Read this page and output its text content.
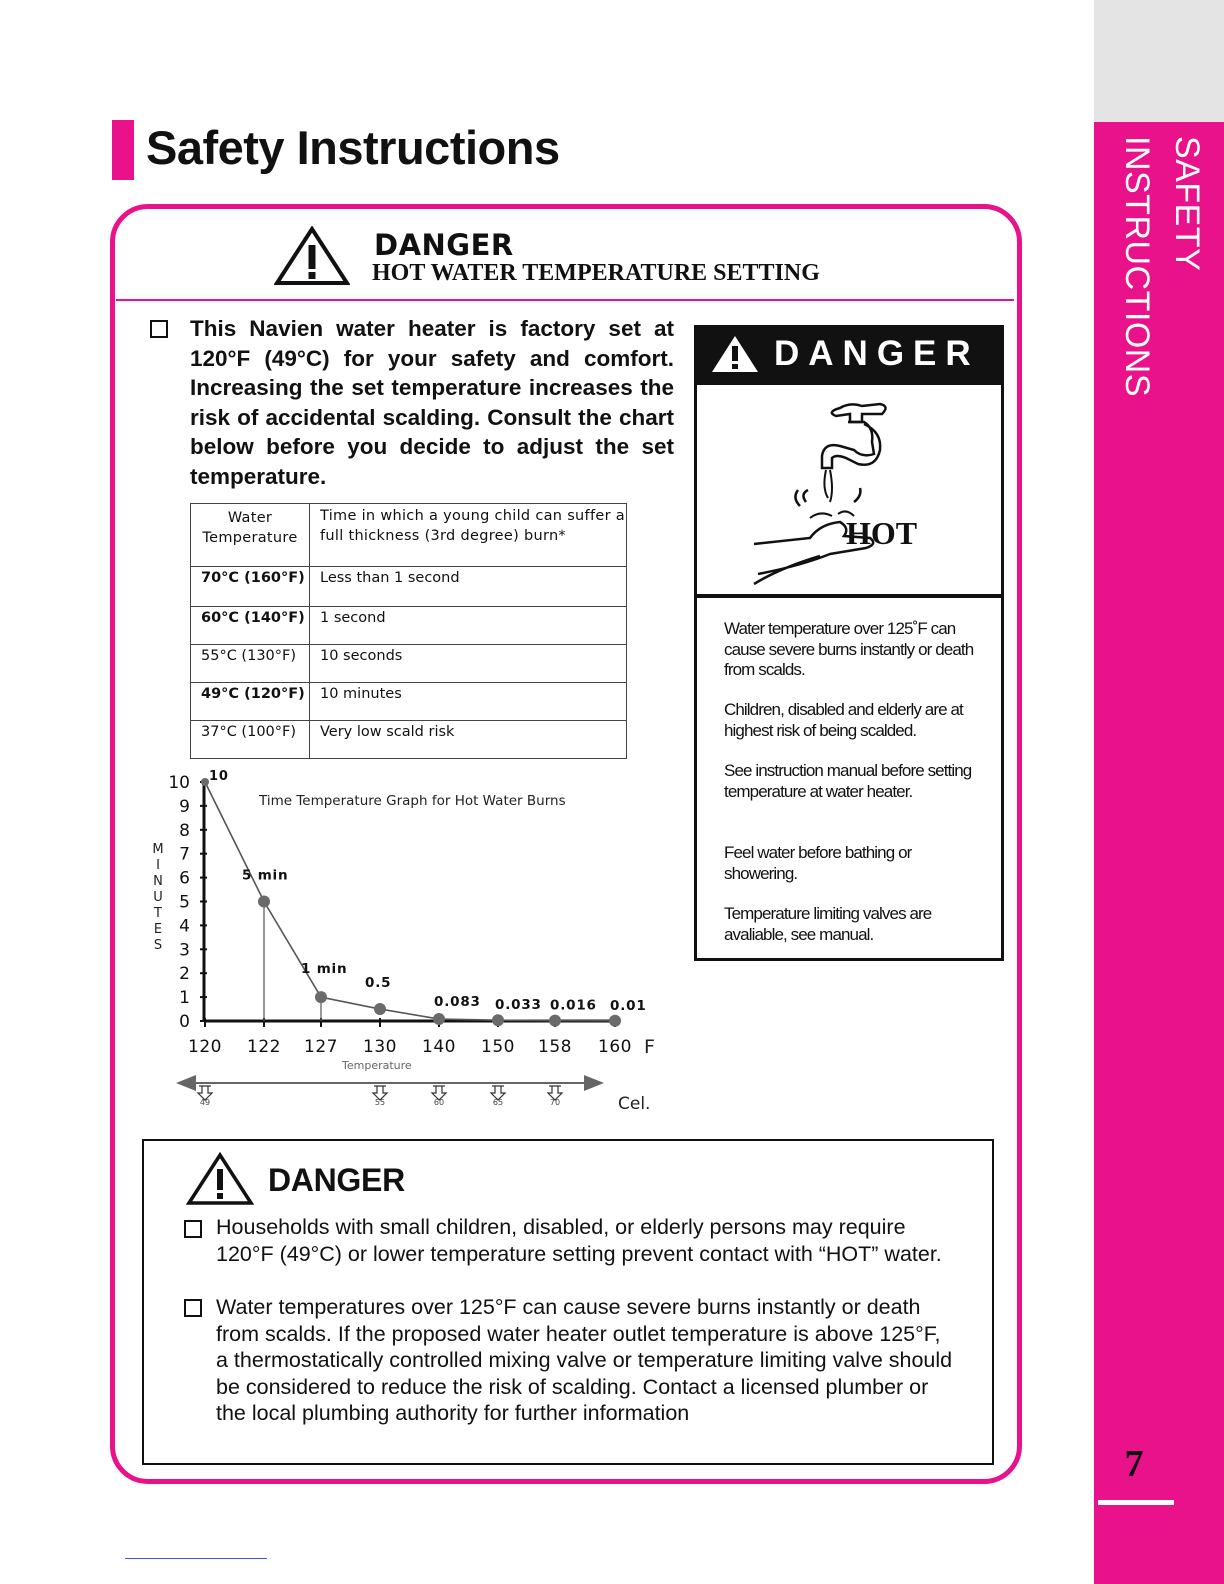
SAFETY INSTRUCTIONS
7
Safety Instructions
DANGER
HOT WATER TEMPERATURE SETTING
This Navien water heater is factory set at 120°F (49°C) for your safety and comfort. Increasing the set temperature increases the risk of accidental scalding. Consult the chart below before you decide to adjust the set temperature.
Water Temperature	Time in which a young child can suffer a full thickness (3rd degree) burn*
70°C (160°F)	Less than 1 second
60°C (140°F)	1 second
55°C (130°F)	10 seconds
49°C (120°F)	10 minutes
37°C (100°F)	Very low scald risk
M
I
N
U
T
E
S
0
1
2
3
4
5
6
7
8
9
10
120 122 127 130 140 150 158 160
10
5 min
1 min
0.5
0.083 0.033 0.016 0.01
Time Temperature Graph for Hot Water Burns
Temperature
F
Cel.
49	55	60	65	70
DANGER
HOT
Water temperature over 125˚F can cause severe burns instantly or death from scalds.
Children, disabled and elderly are at highest risk of being scalded.
See instruction manual before setting temperature at water heater.
Feel water before bathing or showering.
Temperature limiting valves are avaliable, see manual.
DANGER
Households with small children, disabled, or elderly persons may require 120°F (49°C) or lower temperature setting prevent contact with “HOT” water.
Water temperatures over 125°F can cause severe burns instantly or death from scalds. If the proposed water heater outlet temperature is above 125°F, a thermostatically controlled mixing valve or temperature limiting valve should be considered to reduce the risk of scalding. Contact a licensed plumber or the local plumbing authority for further information
